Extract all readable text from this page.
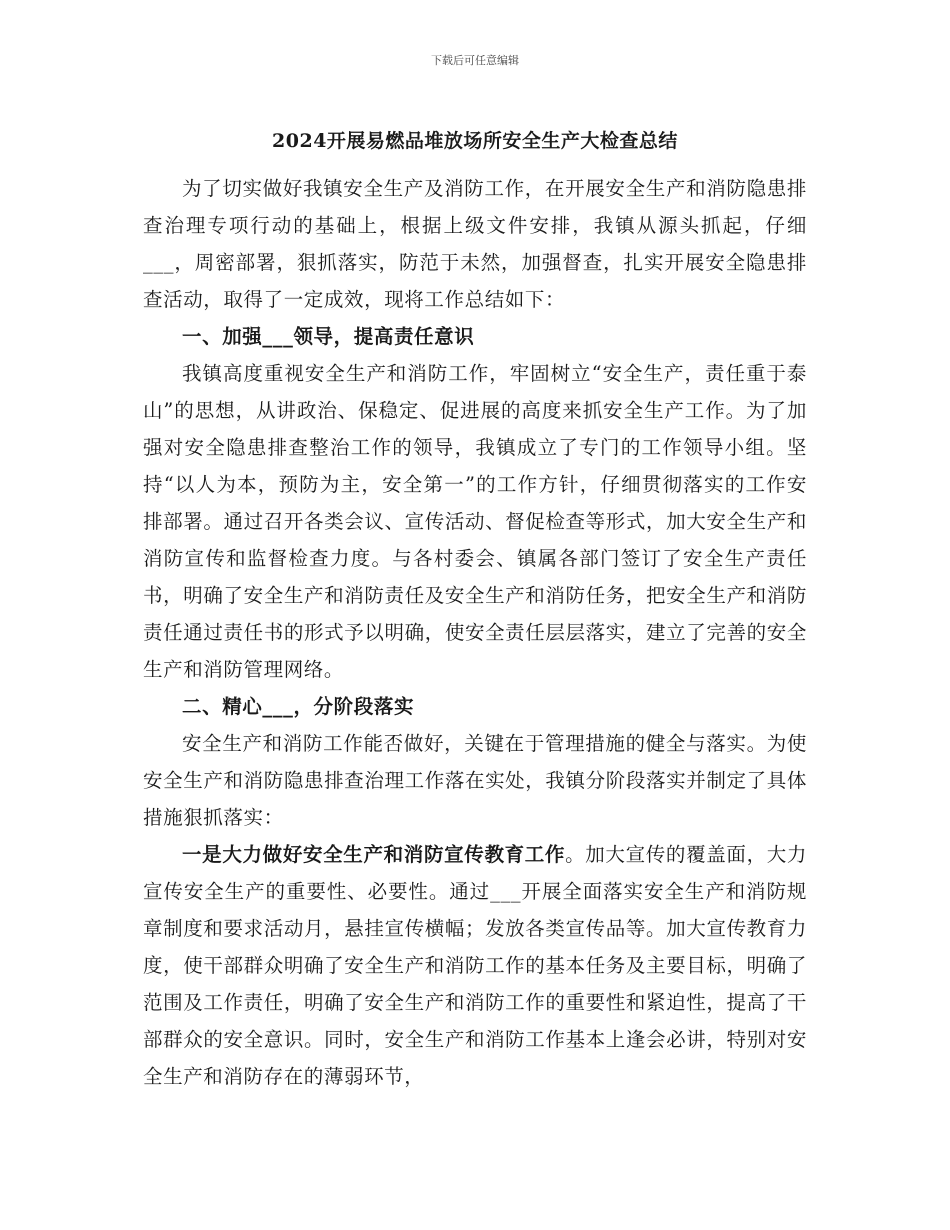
下载后可任意编辑
2024开展易燃品堆放场所安全生产大检查总结

为了切实做好我镇安全生产及消防工作，在开展安全生产和消防隐患排查治理专项行动的基础上，根据上级文件安排，我镇从源头抓起，仔细___，周密部署，狠抓落实，防范于未然，加强督查，扎实开展安全隐患排查活动，取得了一定成效，现将工作总结如下：

一、加强___领导，提高责任意识

我镇高度重视安全生产和消防工作，牢固树立“安全生产，责任重于泰山”的思想，从讲政治、保稳定、促进展的高度来抓安全生产工作。为了加强对安全隐患排查整治工作的领导，我镇成立了专门的工作领导小组。坚持“以人为本，预防为主，安全第一”的工作方针，仔细贯彻落实的工作安排部署。通过召开各类会议、宣传活动、督促检查等形式，加大安全生产和消防宣传和监督检查力度。与各村委会、镇属各部门签订了安全生产责任书，明确了安全生产和消防责任及安全生产和消防任务，把安全生产和消防责任通过责任书的形式予以明确，使安全责任层层落实，建立了完善的安全生产和消防管理网络。

二、精心___，分阶段落实

安全生产和消防工作能否做好，关键在于管理措施的健全与落实。为使安全生产和消防隐患排查治理工作落在实处，我镇分阶段落实并制定了具体措施狠抓落实：

一是大力做好安全生产和消防宣传教育工作。加大宣传的覆盖面，大力宣传安全生产的重要性、必要性。通过___开展全面落实安全生产和消防规章制度和要求活动月，悬挂宣传横幅；发放各类宣传品等。加大宣传教育力度，使干部群众明确了安全生产和消防工作的基本任务及主要目标，明确了范围及工作责任，明确了安全生产和消防工作的重要性和紧迫性，提高了干部群众的安全意识。同时，安全生产和消防工作基本上逢会必讲，特别对安全生产和消防存在的薄弱环节，
